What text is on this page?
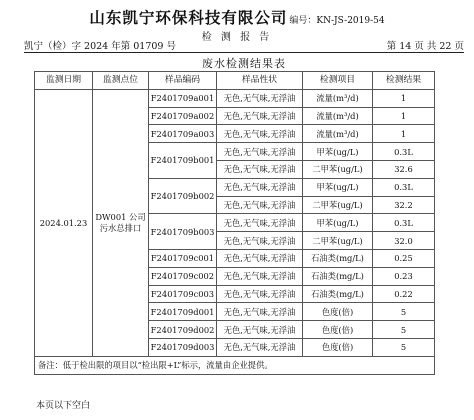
山东凯宁环保科技有限公司 编号：KN-JS-2019-54
检 测 报 告
凯宁（检）字 2024 年第 01709 号	第 14 页 共 22 页
废水检测结果表
监测日期	监测点位	样品编码	样品性状	检测项目	检测结果
2024.01.23	DW001 公司污水总排口	F2401709a001	无色,无气味,无浮油	流量(m³/d)	1
		F2401709a002	无色,无气味,无浮油	流量(m³/d)	1
		F2401709a003	无色,无气味,无浮油	流量(m³/d)	1
		F2401709b001	无色,无气味,无浮油	甲苯(ug/L)	0.3L
			无色,无气味,无浮油	二甲苯(ug/L)	32.6
		F2401709b002	无色,无气味,无浮油	甲苯(ug/L)	0.3L
			无色,无气味,无浮油	二甲苯(ug/L)	32.2
		F2401709b003	无色,无气味,无浮油	甲苯(ug/L)	0.3L
			无色,无气味,无浮油	二甲苯(ug/L)	32.0
		F2401709c001	无色,无气味,无浮油	石油类(mg/L)	0.25
		F2401709c002	无色,无气味,无浮油	石油类(mg/L)	0.23
		F2401709c003	无色,无气味,无浮油	石油类(mg/L)	0.22
		F2401709d001	无色,无气味,无浮油	色度(倍)	5
		F2401709d002	无色,无气味,无浮油	色度(倍)	5
		F2401709d003	无色,无气味,无浮油	色度(倍)	5
备注：低于检出限的项目以“检出限+L”标示，流量由企业提供。					
本页以下空白
